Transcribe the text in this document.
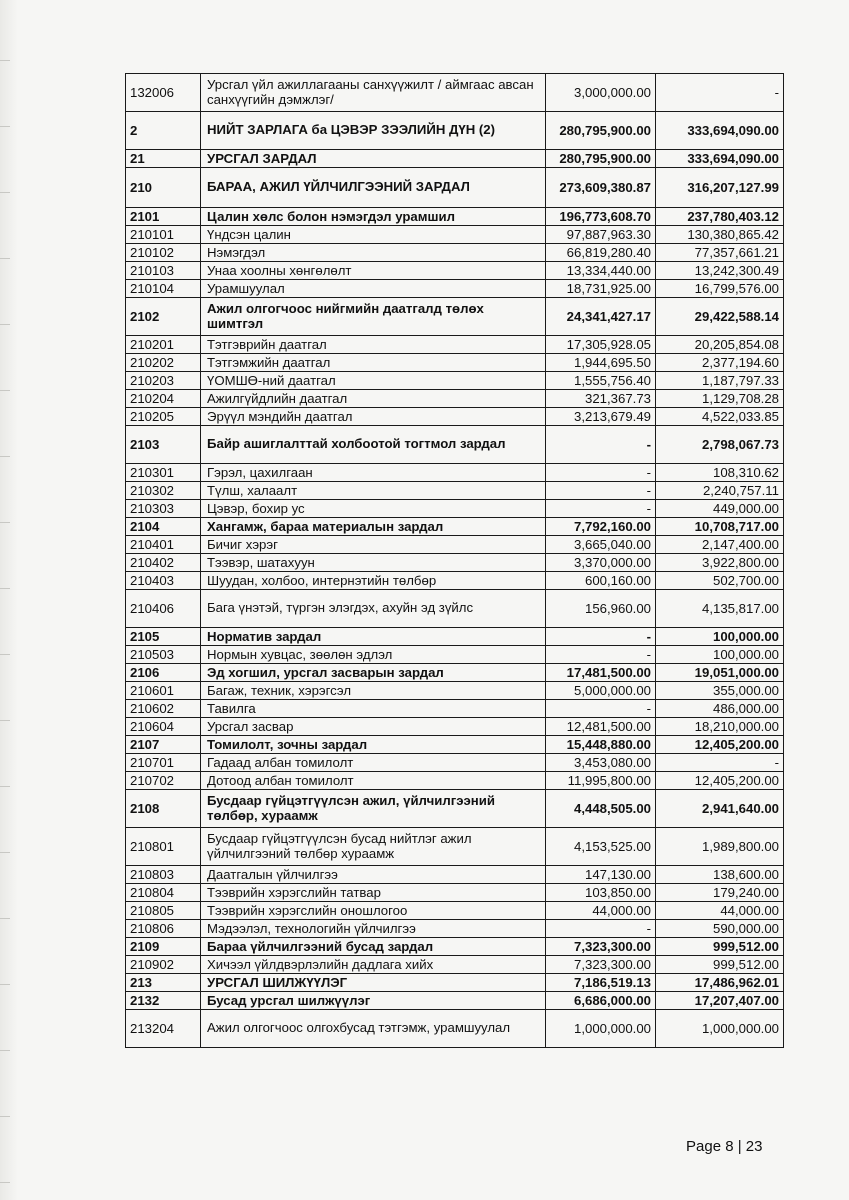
132006	Урсгал үйл ажиллагааны санхүүжилт / аймгаас авсан санхүүгийн дэмжлэг/	3,000,000.00	-
2	НИЙТ ЗАРЛАГА ба ЦЭВЭР ЗЭЭЛИЙН ДҮН (2)	280,795,900.00	333,694,090.00
21	УРСГАЛ ЗАРДАЛ	280,795,900.00	333,694,090.00
210	БАРАА, АЖИЛ ҮЙЛЧИЛГЭЭНИЙ ЗАРДАЛ	273,609,380.87	316,207,127.99
2101	Цалин хөлс болон нэмэгдэл урамшил	196,773,608.70	237,780,403.12
210101	Үндсэн цалин	97,887,963.30	130,380,865.42
210102	Нэмэгдэл	66,819,280.40	77,357,661.21
210103	Унаа хоолны хөнгөлөлт	13,334,440.00	13,242,300.49
210104	Урамшуулал	18,731,925.00	16,799,576.00
2102	Ажил олгогчоос нийгмийн даатгалд төлөх шимтгэл	24,341,427.17	29,422,588.14
210201	Тэтгэврийн даатгал	17,305,928.05	20,205,854.08
210202	Тэтгэмжийн даатгал	1,944,695.50	2,377,194.60
210203	ҮОМШӨ-ний даатгал	1,555,756.40	1,187,797.33
210204	Ажилгүйдлийн даатгал	321,367.73	1,129,708.28
210205	Эрүүл мэндийн даатгал	3,213,679.49	4,522,033.85
2103	Байр ашиглалттай холбоотой тогтмол зардал	-	2,798,067.73
210301	Гэрэл, цахилгаан	-	108,310.62
210302	Түлш, халаалт	-	2,240,757.11
210303	Цэвэр, бохир ус	-	449,000.00
2104	Хангамж, бараа материалын зардал	7,792,160.00	10,708,717.00
210401	Бичиг хэрэг	3,665,040.00	2,147,400.00
210402	Тээвэр, шатахуун	3,370,000.00	3,922,800.00
210403	Шуудан, холбоо, интернэтийн төлбөр	600,160.00	502,700.00
210406	Бага үнэтэй, түргэн элэгдэх, ахуйн эд зүйлс	156,960.00	4,135,817.00
2105	Норматив зардал	-	100,000.00
210503	Нормын хувцас, зөөлөн эдлэл	-	100,000.00
2106	Эд хогшил, урсгал засварын зардал	17,481,500.00	19,051,000.00
210601	Багаж, техник, хэрэгсэл	5,000,000.00	355,000.00
210602	Тавилга	-	486,000.00
210604	Урсгал засвар	12,481,500.00	18,210,000.00
2107	Томилолт, зочны зардал	15,448,880.00	12,405,200.00
210701	Гадаад албан томилолт	3,453,080.00	-
210702	Дотоод албан томилолт	11,995,800.00	12,405,200.00
2108	Бусдаар гүйцэтгүүлсэн ажил, үйлчилгээний төлбөр, хураамж	4,448,505.00	2,941,640.00
210801	Бусдаар гүйцэтгүүлсэн бусад нийтлэг ажил үйлчилгээний төлбөр хураамж	4,153,525.00	1,989,800.00
210803	Даатгалын үйлчилгээ	147,130.00	138,600.00
210804	Тээврийн хэрэгслийн татвар	103,850.00	179,240.00
210805	Тээврийн хэрэгслийн оношлогоо	44,000.00	44,000.00
210806	Мэдээлэл, технологийн үйлчилгээ	-	590,000.00
2109	Бараа үйлчилгээний бусад зардал	7,323,300.00	999,512.00
210902	Хичээл үйлдвэрлэлийн дадлага хийх	7,323,300.00	999,512.00
213	УРСГАЛ ШИЛЖҮҮЛЭГ	7,186,519.13	17,486,962.01
2132	Бусад урсгал шилжүүлэг	6,686,000.00	17,207,407.00
213204	Ажил олгогчоос олгохбусад тэтгэмж, урамшуулал	1,000,000.00	1,000,000.00
Page 8 | 23
